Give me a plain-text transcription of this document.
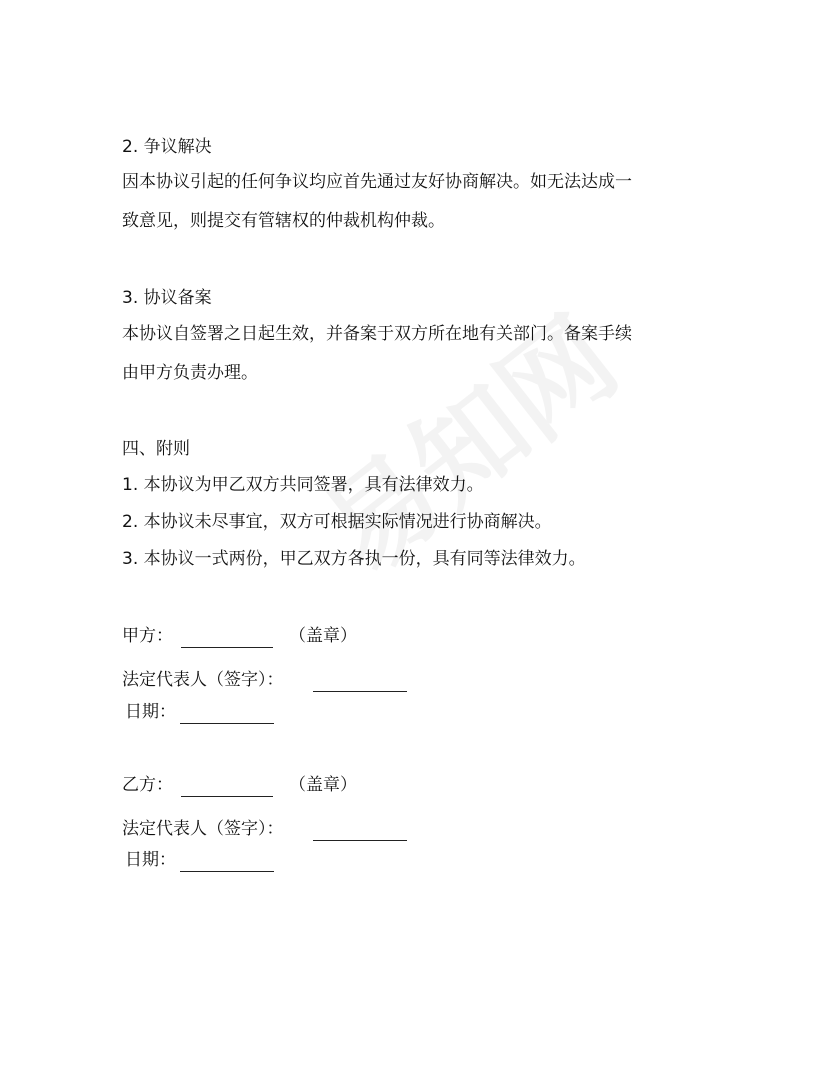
2. 争议解决
因本协议引起的任何争议均应首先通过友好协商解决。如无法达成一
致意见，则提交有管辖权的仲裁机构仲裁。
3. 协议备案
本协议自签署之日起生效，并备案于双方所在地有关部门。备案手续
由甲方负责办理。
四、附则
1. 本协议为甲乙双方共同签署，具有法律效力。
2. 本协议未尽事宜，双方可根据实际情况进行协商解决。
3. 本协议一式两份，甲乙双方各执一份，具有同等法律效力。
甲方：	（盖章）
法定代表人（签字）：
日期：
乙方：	（盖章）
法定代表人（签字）：
日期：
